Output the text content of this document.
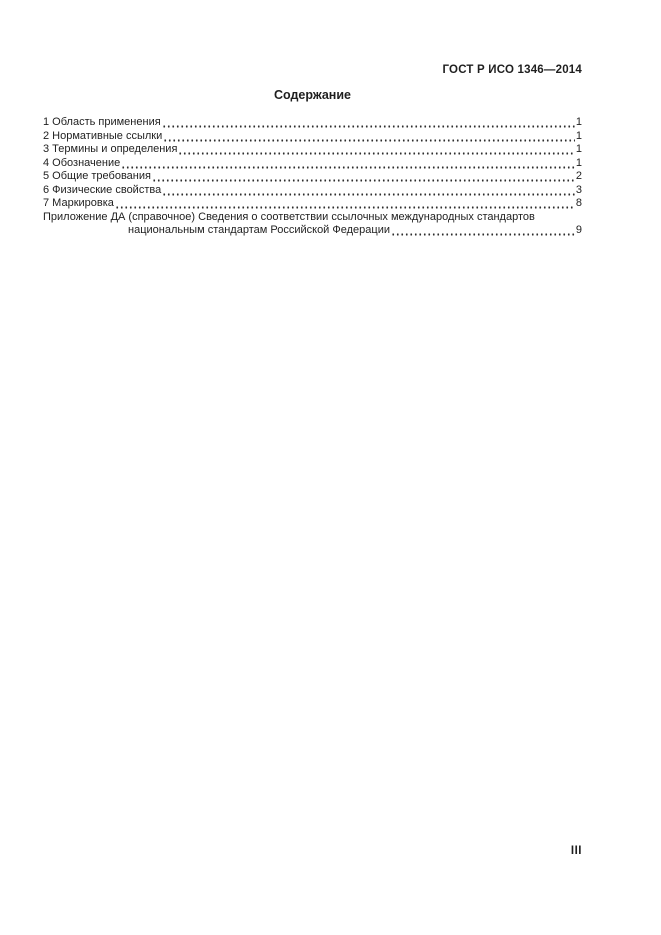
ГОСТ Р ИСО 1346—2014
Содержание
1 Область применения	1
2 Нормативные ссылки	1
3 Термины и определения	1
4 Обозначение	1
5 Общие требования	2
6 Физические свойства	3
7 Маркировка	8
Приложение ДА (справочное) Сведения о соответствии ссылочных международных стандартов
национальным стандартам Российской Федерации	9
III
